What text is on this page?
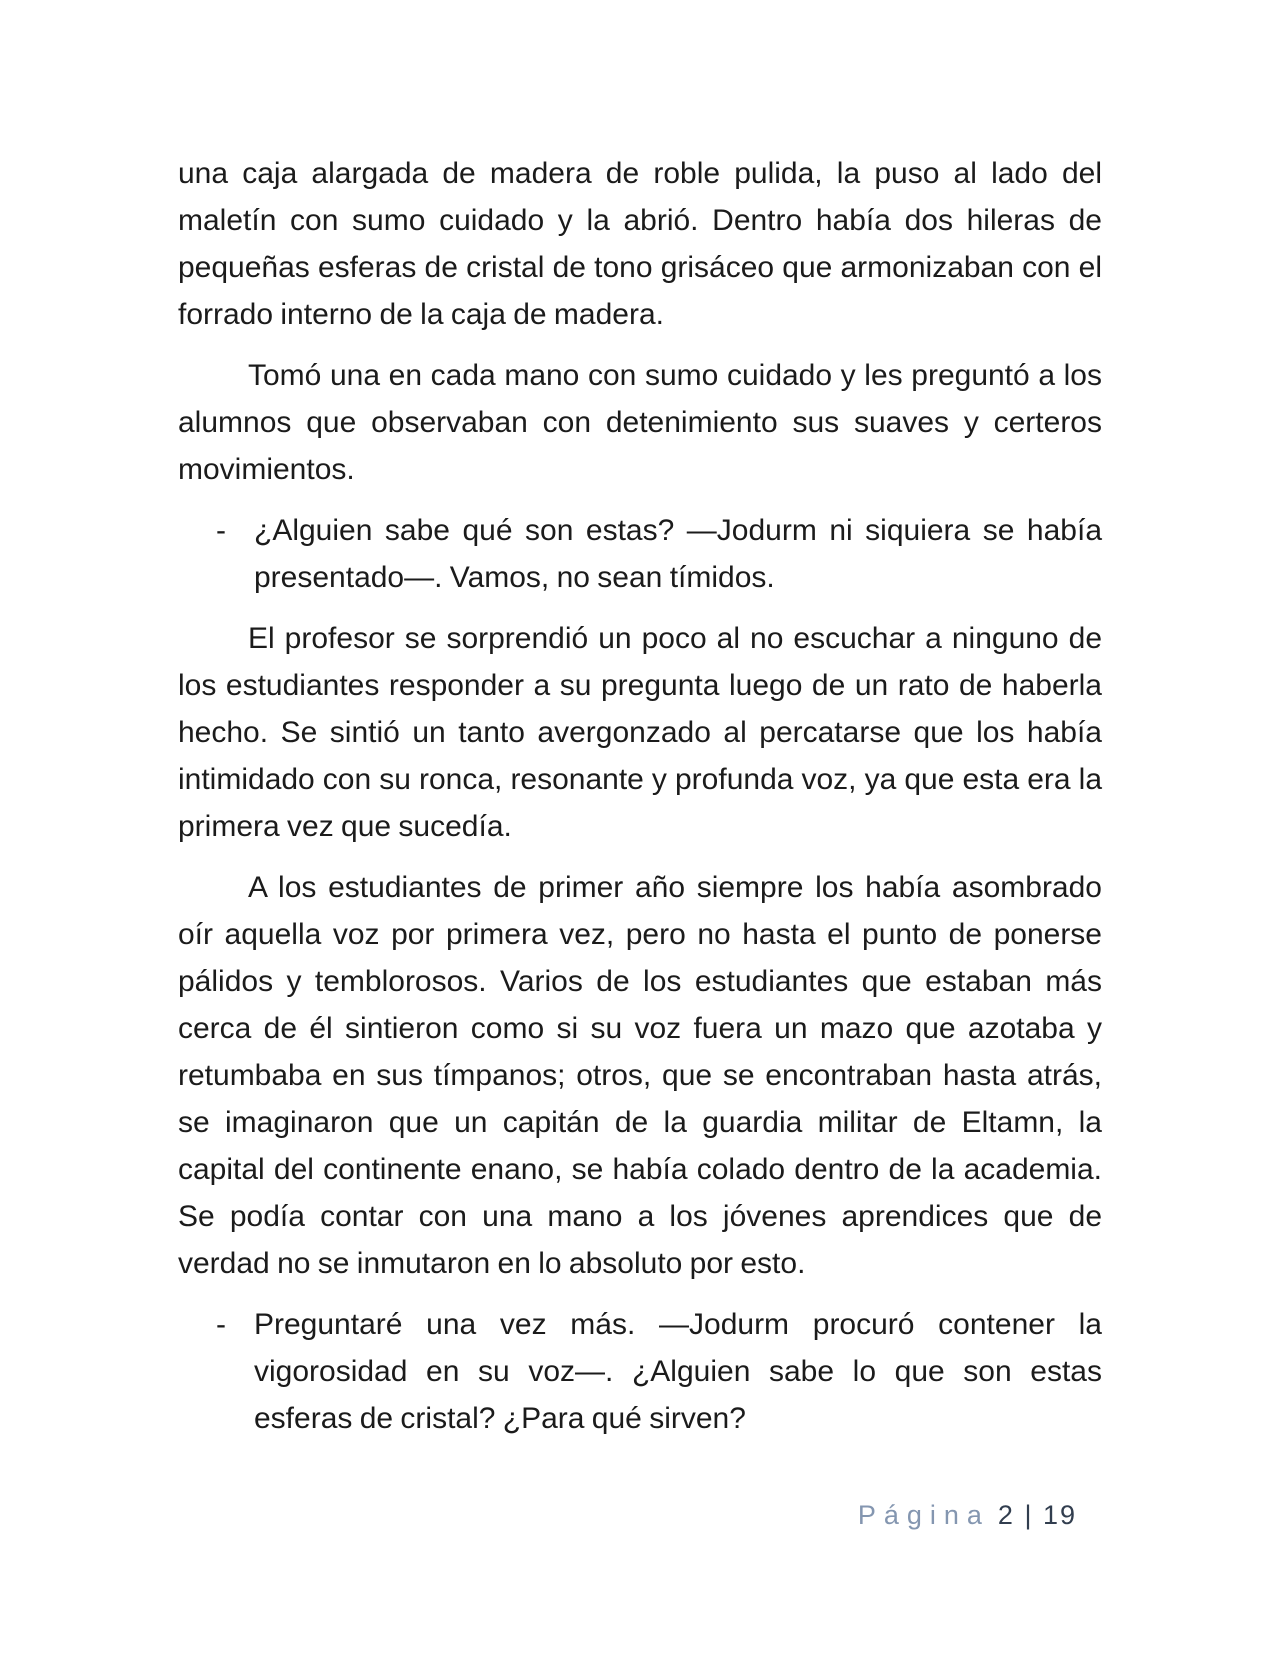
una caja alargada de madera de roble pulida, la puso al lado del maletín con sumo cuidado y la abrió. Dentro había dos hileras de pequeñas esferas de cristal de tono grisáceo que armonizaban con el forrado interno de la caja de madera.

Tomó una en cada mano con sumo cuidado y les preguntó a los alumnos que observaban con detenimiento sus suaves y certeros movimientos.

- ¿Alguien sabe qué son estas? —Jodurm ni siquiera se había presentado—. Vamos, no sean tímidos.

El profesor se sorprendió un poco al no escuchar a ninguno de los estudiantes responder a su pregunta luego de un rato de haberla hecho. Se sintió un tanto avergonzado al percatarse que los había intimidado con su ronca, resonante y profunda voz, ya que esta era la primera vez que sucedía.

A los estudiantes de primer año siempre los había asombrado oír aquella voz por primera vez, pero no hasta el punto de ponerse pálidos y temblorosos. Varios de los estudiantes que estaban más cerca de él sintieron como si su voz fuera un mazo que azotaba y retumbaba en sus tímpanos; otros, que se encontraban hasta atrás, se imaginaron que un capitán de la guardia militar de Eltamn, la capital del continente enano, se había colado dentro de la academia. Se podía contar con una mano a los jóvenes aprendices que de verdad no se inmutaron en lo absoluto por esto.

- Preguntaré una vez más. —Jodurm procuró contener la vigorosidad en su voz—. ¿Alguien sabe lo que son estas esferas de cristal? ¿Para qué sirven?
Página 2 | 19
